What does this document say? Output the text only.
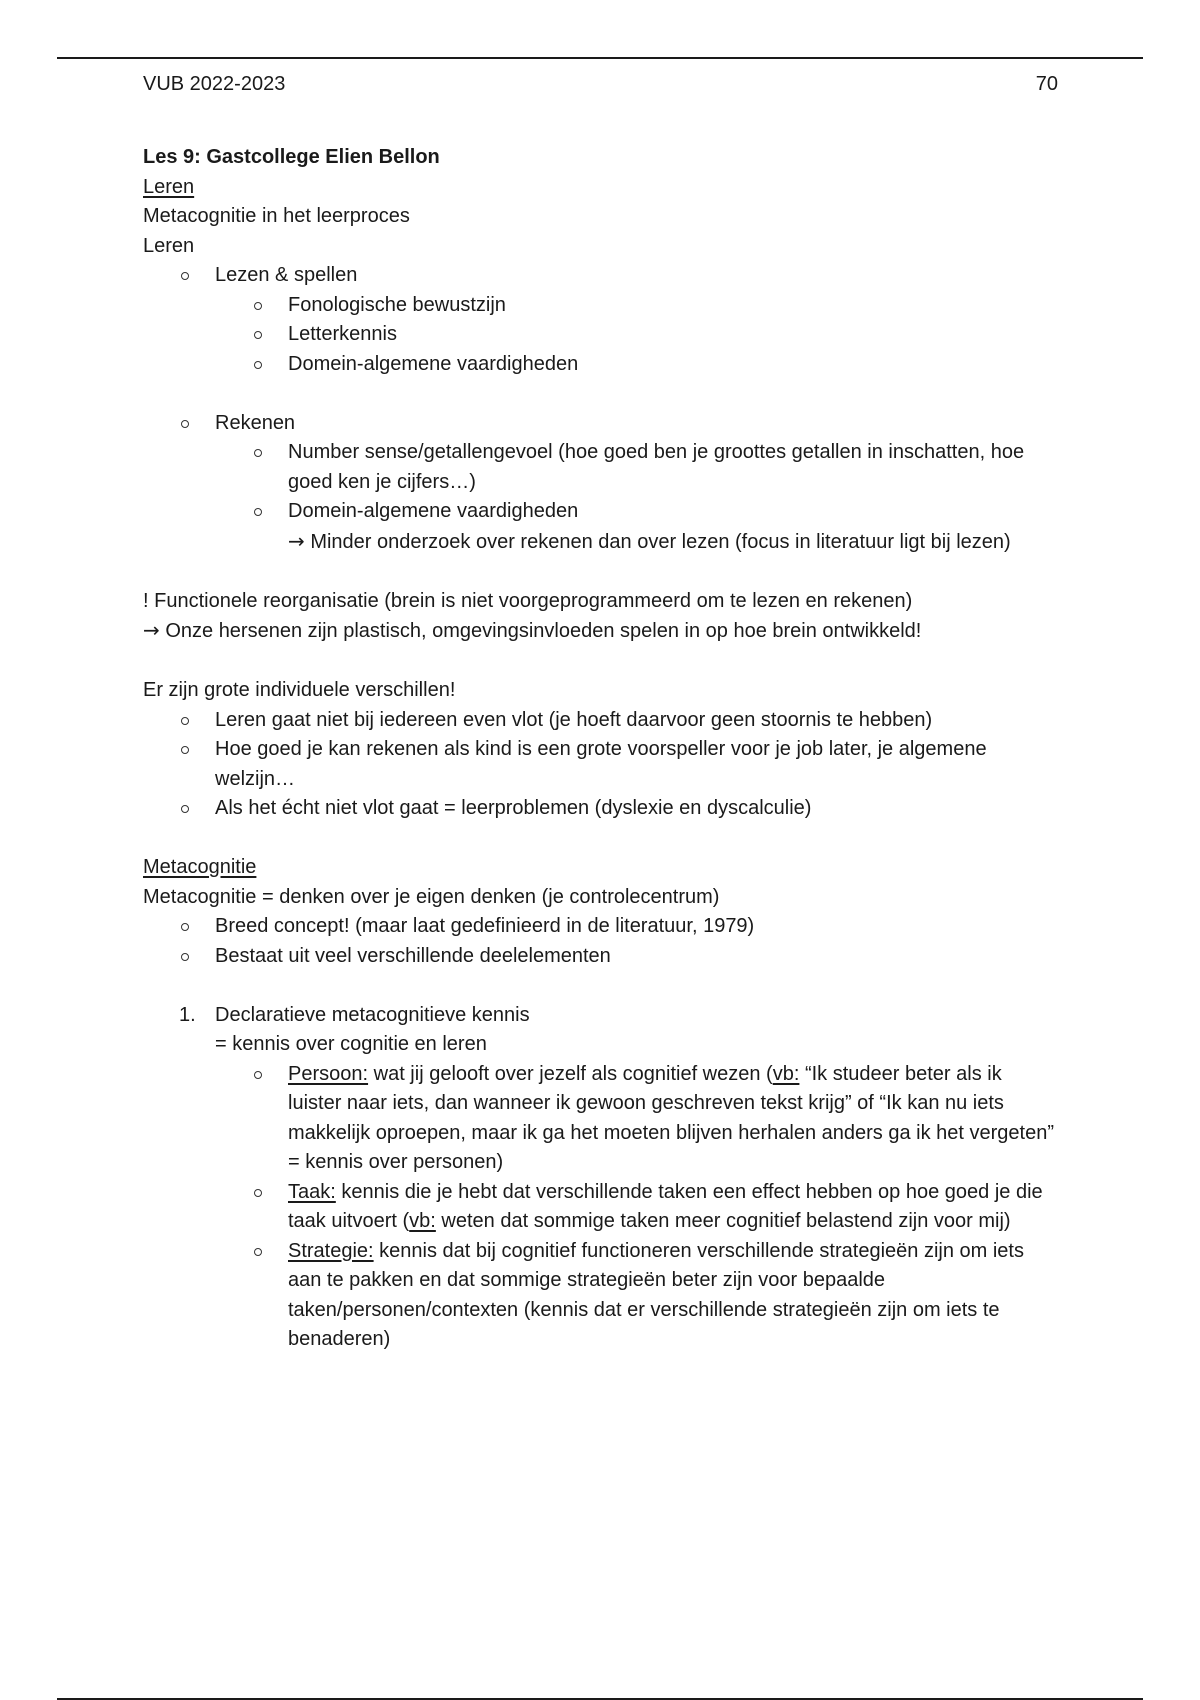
VUB 2022-2023	70
Les 9: Gastcollege Elien Bellon
Leren
Metacognitie in het leerproces
Leren
Lezen & spellen
Fonologische bewustzijn
Letterkennis
Domein-algemene vaardigheden
Rekenen
Number sense/getallengevoel (hoe goed ben je groottes getallen in inschatten, hoe goed ken je cijfers…)
Domein-algemene vaardigheden
→ Minder onderzoek over rekenen dan over lezen (focus in literatuur ligt bij lezen)
! Functionele reorganisatie (brein is niet voorgeprogrammeerd om te lezen en rekenen)
→ Onze hersenen zijn plastisch, omgevingsinvloeden spelen in op hoe brein ontwikkeld!
Er zijn grote individuele verschillen!
Leren gaat niet bij iedereen even vlot (je hoeft daarvoor geen stoornis te hebben)
Hoe goed je kan rekenen als kind is een grote voorspeller voor je job later, je algemene welzijn…
Als het écht niet vlot gaat = leerproblemen (dyslexie en dyscalculie)
Metacognitie
Metacognitie = denken over je eigen denken (je controlecentrum)
Breed concept! (maar laat gedefinieerd in de literatuur, 1979)
Bestaat uit veel verschillende deelelementen
1. Declaratieve metacognitieve kennis
= kennis over cognitie en leren
Persoon: wat jij gelooft over jezelf als cognitief wezen (vb: “Ik studeer beter als ik luister naar iets, dan wanneer ik gewoon geschreven tekst krijg” of “Ik kan nu iets makkelijk oproepen, maar ik ga het moeten blijven herhalen anders ga ik het vergeten” = kennis over personen)
Taak: kennis die je hebt dat verschillende taken een effect hebben op hoe goed je die taak uitvoert (vb: weten dat sommige taken meer cognitief belastend zijn voor mij)
Strategie: kennis dat bij cognitief functioneren verschillende strategieën zijn om iets aan te pakken en dat sommige strategieën beter zijn voor bepaalde taken/personen/contexten (kennis dat er verschillende strategieën zijn om iets te benaderen)
